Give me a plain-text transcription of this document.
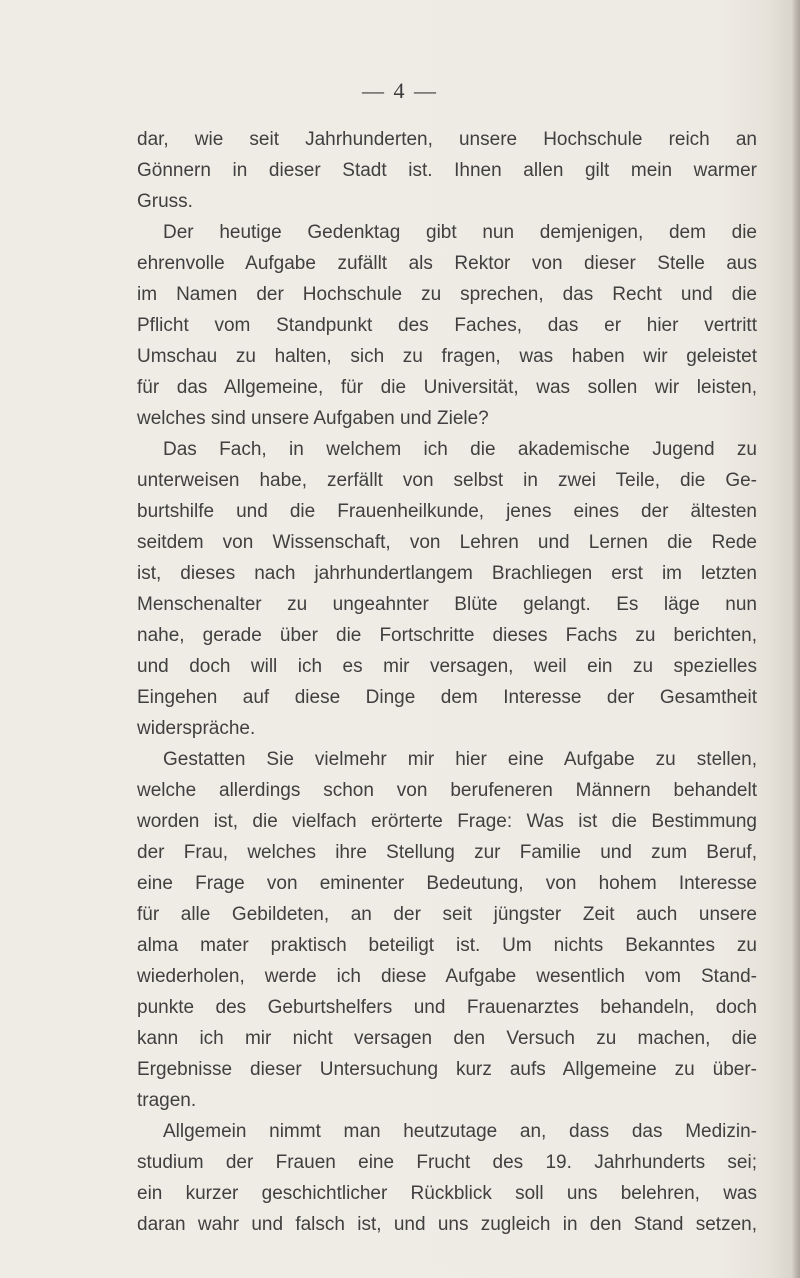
— 4 —
dar, wie seit Jahrhunderten, unsere Hochschule reich an
Gönnern in dieser Stadt ist. Ihnen allen gilt mein warmer
Gruss.
Der heutige Gedenktag gibt nun demjenigen, dem die
ehrenvolle Aufgabe zufällt als Rektor von dieser Stelle aus
im Namen der Hochschule zu sprechen, das Recht und die
Pflicht vom Standpunkt des Faches, das er hier vertritt
Umschau zu halten, sich zu fragen, was haben wir geleistet
für das Allgemeine, für die Universität, was sollen wir leisten,
welches sind unsere Aufgaben und Ziele?
Das Fach, in welchem ich die akademische Jugend zu
unterweisen habe, zerfällt von selbst in zwei Teile, die Ge-
burtshilfe und die Frauenheilkunde, jenes eines der ältesten
seitdem von Wissenschaft, von Lehren und Lernen die Rede
ist, dieses nach jahrhundertlangem Brachliegen erst im letzten
Menschenalter zu ungeahnter Blüte gelangt. Es läge nun
nahe, gerade über die Fortschritte dieses Fachs zu berichten,
und doch will ich es mir versagen, weil ein zu spezielles
Eingehen auf diese Dinge dem Interesse der Gesamtheit
widerspräche.
Gestatten Sie vielmehr mir hier eine Aufgabe zu stellen,
welche allerdings schon von berufeneren Männern behandelt
worden ist, die vielfach erörterte Frage: Was ist die Bestimmung
der Frau, welches ihre Stellung zur Familie und zum Beruf,
eine Frage von eminenter Bedeutung, von hohem Interesse
für alle Gebildeten, an der seit jüngster Zeit auch unsere
alma mater praktisch beteiligt ist. Um nichts Bekanntes zu
wiederholen, werde ich diese Aufgabe wesentlich vom Stand-
punkte des Geburtshelfers und Frauenarztes behandeln, doch
kann ich mir nicht versagen den Versuch zu machen, die
Ergebnisse dieser Untersuchung kurz aufs Allgemeine zu über-
tragen.
Allgemein nimmt man heutzutage an, dass das Medizin-
studium der Frauen eine Frucht des 19. Jahrhunderts sei;
ein kurzer geschichtlicher Rückblick soll uns belehren, was
daran wahr und falsch ist, und uns zugleich in den Stand setzen,
